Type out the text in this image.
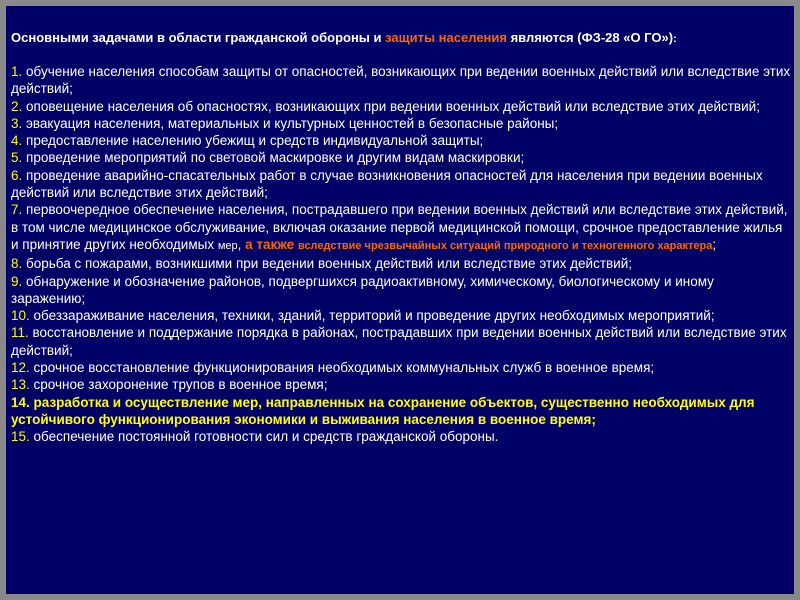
Основными задачами в области гражданской обороны и защиты населения являются (ФЗ-28 «О ГО»):
1. обучение населения способам защиты от опасностей, возникающих при ведении военных действий или вследствие этих действий;
2. оповещение населения об опасностях, возникающих при ведении военных действий или вследствие этих действий;
3. эвакуация населения, материальных и культурных ценностей в безопасные районы;
4. предоставление населению убежищ и средств индивидуальной защиты;
5. проведение мероприятий по световой маскировке и другим видам маскировки;
6. проведение аварийно-спасательных работ в случае возникновения опасностей для населения при ведении военных действий или вследствие этих действий;
7. первоочередное обеспечение населения, пострадавшего при ведении военных действий или вследствие этих действий, в том числе медицинское обслуживание, включая оказание первой медицинской помощи, срочное предоставление жилья и принятие других необходимых мер, а также вследствие чрезвычайных ситуаций природного и техногенного характера;
8. борьба с пожарами, возникшими при ведении военных действий или вследствие этих действий;
9. обнаружение и обозначение районов, подвергшихся радиоактивному, химическому, биологическому и иному заражению;
10. обеззараживание населения, техники, зданий, территорий и проведение других необходимых мероприятий;
11. восстановление и поддержание порядка в районах, пострадавших при ведении военных действий или вследствие этих действий;
12. срочное восстановление функционирования необходимых коммунальных служб в военное время;
13. срочное захоронение трупов в военное время;
14. разработка и осуществление мер, направленных на сохранение объектов, существенно необходимых для устойчивого функционирования экономики и выживания населения в военное время;
15. обеспечение постоянной готовности сил и средств гражданской обороны.
